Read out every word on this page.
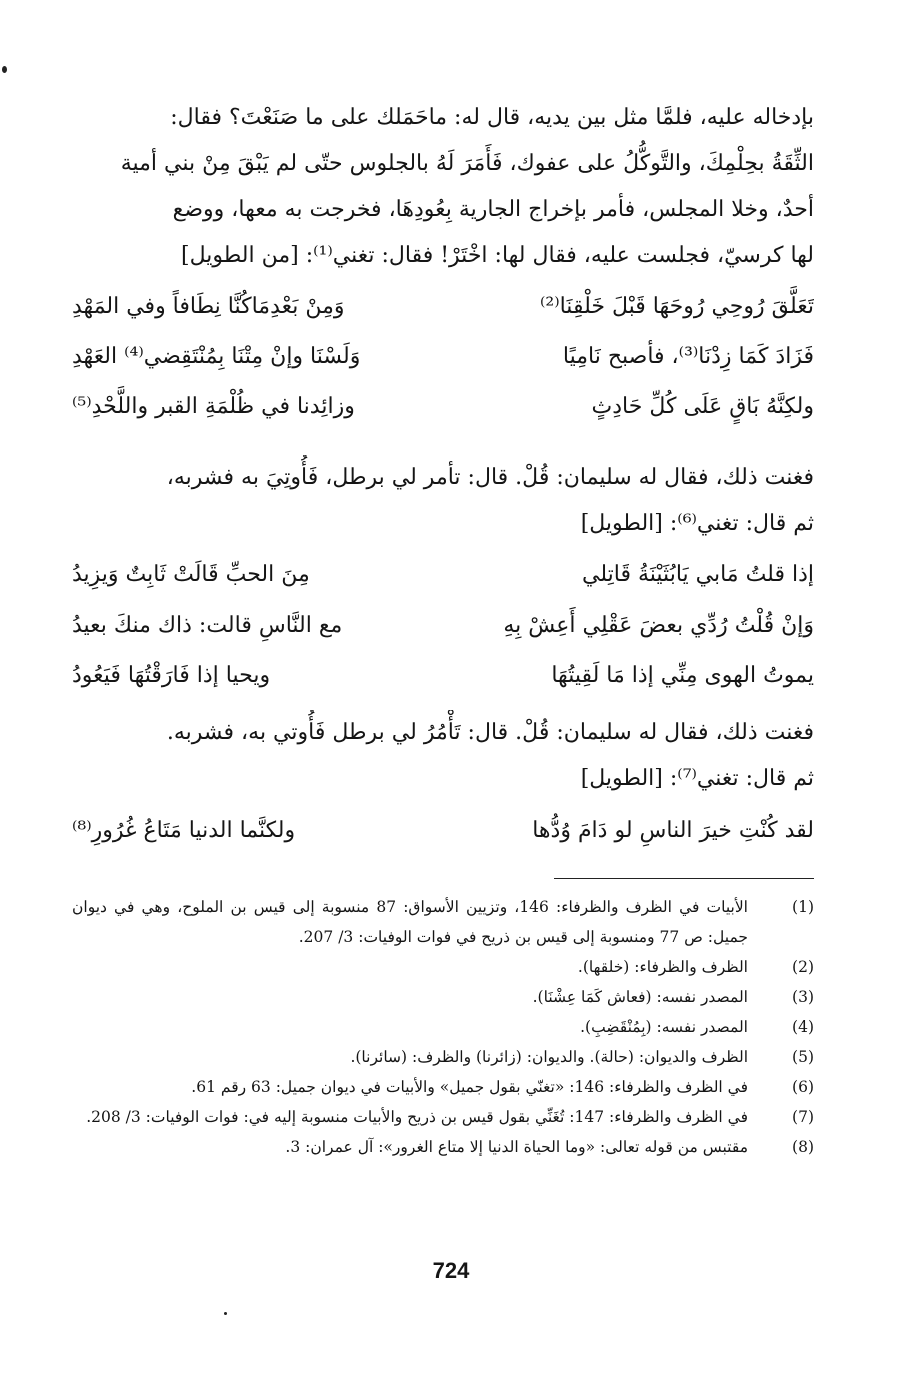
بإدخاله عليه، فلمَّا مثل بين يديه، قال له: ماحَمَلك على ما صَنَعْتَ؟ فقال:
الثِّقَةُ بحِلْمِكَ، والتَّوكُّلُ على عفوك، فَأَمَرَ لَهُ بالجلوس حتّى لم يَبْقَ مِنْ بني أمية
أحدٌ، وخلا المجلس، فأمر بإخراج الجارية بِعُودِهَا، فخرجت به معها، ووضع
لها كرسيّ، فجلست عليه، فقال لها: اخْتَرْ! فقال: تغني⁽¹⁾: [من الطويل]
تَعَلَّقَ رُوحِي رُوحَهَا قَبْلَ خَلْقِنَا⁽²⁾
وَمِنْ بَعْدِمَاكُنَّا نِطَافاً وفي المَهْدِ
فَزَادَ كَمَا زِدْنَا⁽³⁾، فأصبح نَامِيًا
وَلَسْنَا وإنْ مِتْنَا بِمُنْتَقِضي⁽⁴⁾ العَهْدِ
ولكِنَّهُ بَاقٍ عَلَى كُلِّ حَادِثٍ
وزائِدنا في ظُلْمَةِ القبر واللَّحْدِ⁽⁵⁾
فغنت ذلك، فقال له سليمان: قُلْ. قال: تأمر لي برطل، فَأُوتِيَ به فشربه،
ثم قال: تغني⁽⁶⁾: [الطويل]
إذا قلتُ مَابي يَابُثَيْنَةُ قَاتِلي
مِنَ الحبِّ قَالَتْ ثَابِتٌ وَيزِيدُ
وَإنْ قُلْتُ رُدِّي بعضَ عَقْلِي أَعِشْ بِهِ
مع النَّاسِ قالت: ذاك منكَ بعيدُ
يموتُ الهوى مِنِّي إذا مَا لَقِيتُهَا
ويحيا إذا فَارَقْتُهَا فَيَعُودُ
فغنت ذلك، فقال له سليمان: قُلْ. قال: تَأْمُرُ لي برطل فَأُوتي به، فشربه.
ثم قال: تغني⁽⁷⁾: [الطويل]
لقد كُنْتِ خيرَ الناسِ لو دَامَ وُدُّها
ولكنَّما الدنيا مَتَاعُ غُرُورِ⁽⁸⁾
(1)
الأبيات في الظرف والظرفاء: 146، وتزيين الأسواق: 87 منسوبة إلى قيس بن الملوح، وهي في ديوان جميل: ص 77 ومنسوبة إلى قيس بن ذريح في فوات الوفيات: 3/ 207.
(2)
الظرف والظرفاء: (خلقها).
(3)
المصدر نفسه: (فعاش كَمَا عِشْنَا).
(4)
المصدر نفسه: (بِمُنْقَضِبِ).
(5)
الظرف والديوان: (حالة). والديوان: (زائرنا) والظرف: (سائرنا).
(6)
في الظرف والظرفاء: 146: «تغنّي بقول جميل» والأبيات في ديوان جميل: 63 رقم 61.
(7)
في الظرف والظرفاء: 147: تُغَنِّي بقول قيس بن ذريح والأبيات منسوبة إليه في: فوات الوفيات: 3/ 208.
(8)
مقتبس من قوله تعالى: «وما الحياة الدنيا إلا متاع الغرور»: آل عمران: 3.
724
